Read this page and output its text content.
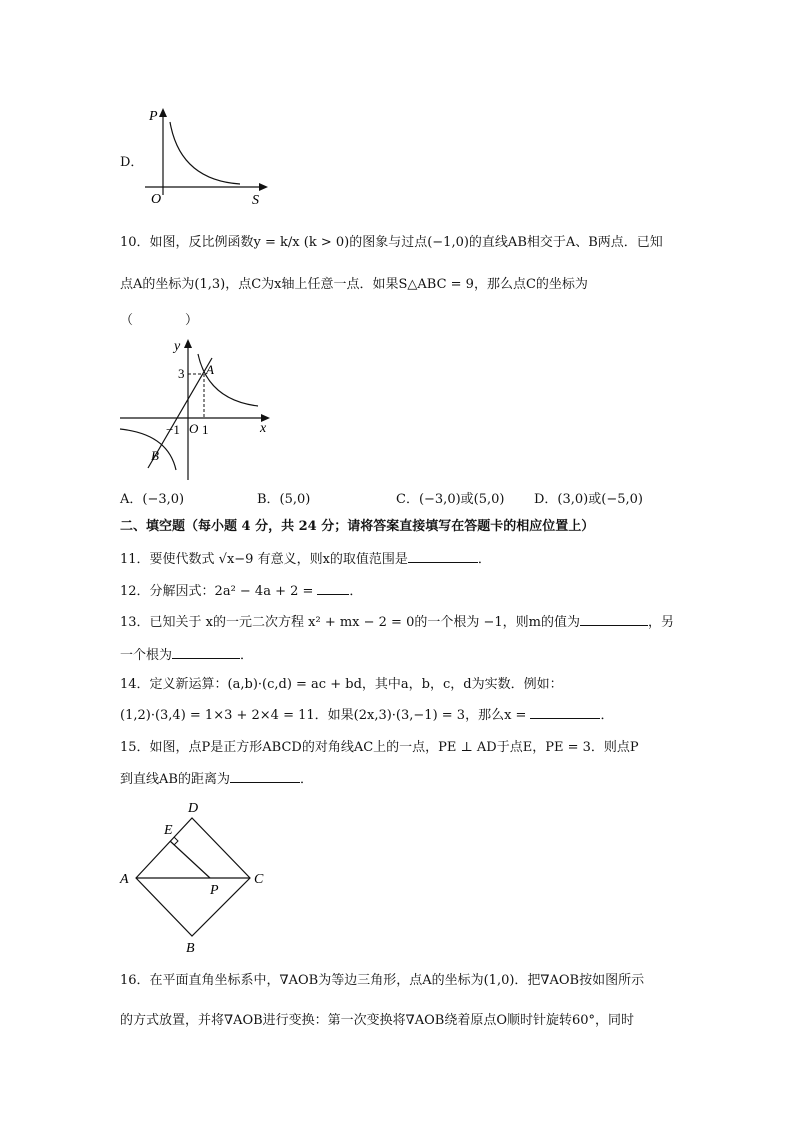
D．
P
S
O
10．如图，反比例函数y = k/x (k > 0)的图象与过点(−1,0)的直线AB相交于A、B两点．已知
点A的坐标为(1,3)，点C为x轴上任意一点．如果S△ABC = 9，那么点C的坐标为
（　　　　）
y
x
3 A
−1 O 1
B
A．(−3,0)	B．(5,0)	C．(−3,0)或(5,0) D．(3,0)或(−5,0)
二、填空题（每小题 4 分，共 24 分；请将答案直接填写在答题卡的相应位置上）
11．要使代数式 √x−9 有意义，则x的取值范围是	．
12．分解因式：2a² − 4a + 2 =	．
13．已知关于 x的一元二次方程 x² + mx − 2 = 0的一个根为 −1，则m的值为	，另
一个根为	．
14．定义新运算：(a,b)·(c,d) = ac + bd，其中a，b，c，d为实数．例如：
(1,2)·(3,4) = 1×3 + 2×4 = 11．如果(2x,3)·(3,−1) = 3，那么x =	．
15．如图，点P是正方形ABCD的对角线AC上的一点，PE ⊥ AD于点E，PE = 3．则点P
到直线AB的距离为	．
D
E
A
P
C
B
16．在平面直角坐标系中，∇AOB为等边三角形，点A的坐标为(1,0)．把∇AOB按如图所示
的方式放置，并将∇AOB进行变换：第一次变换将∇AOB绕着原点O顺时针旋转60°，同时
